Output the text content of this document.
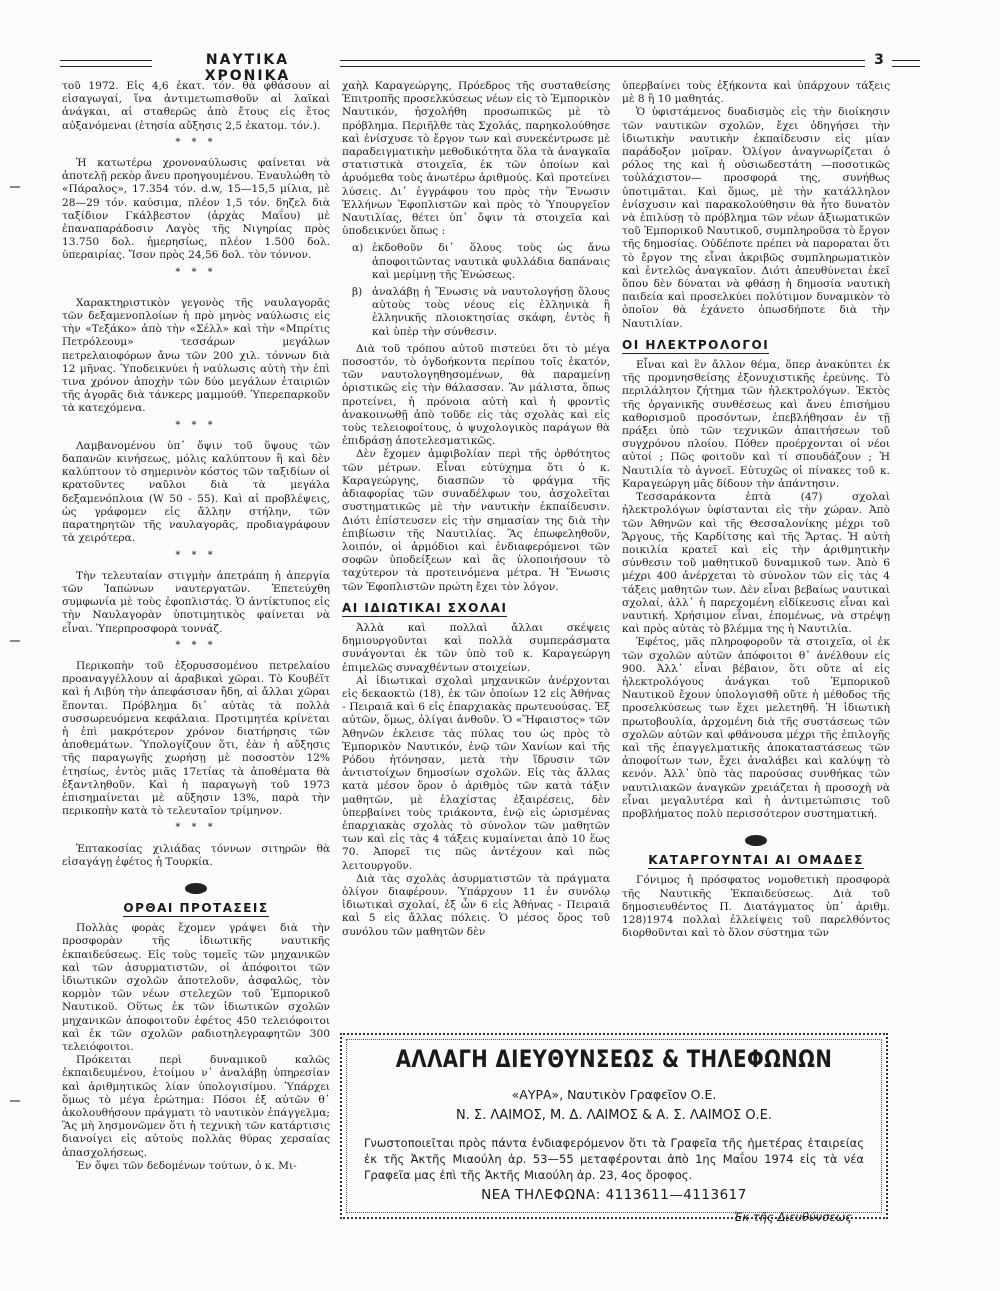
ΝΑΥΤΙΚΑ ΧΡΟΝΙΚΑ
3

τοῦ 1972. Εἰς 4,6 ἑκατ. τόν. θὰ φθάσουν αἱ εἰσαγωγαί, ἵνα ἀντιμετωπισθοῦν αἱ λαϊκαὶ ἀνάγκαι, αἱ σταθερῶς ἀπὸ ἔτους εἰς ἔτος αὐξανόμεναι (ἐτησία αὔξησις 2,5 ἑκατομ. τόν.).

* * *

Ἡ κατωτέρω χρονοναύλωσις φαίνεται νὰ ἀποτελῇ ρεκὸρ ἄνευ προηγουμένου. Ἐναυλώθη τὸ «Πάραλος», 17.354 τόν. d.w, 15—15,5 μίλια, μὲ 28—29 τόν. καύσιμα, πλέον 1,5 τόν. δηζελ διὰ ταξίδιον Γκάλβεστον (ἀρχὰς Μαΐου) μὲ ἐπαναπαράδοσιν Λαγὸς τῆς Νιγηρίας πρὸς 13.750 δολ. ἡμερησίως, πλέον 1.500 δολ. ὑπεραιρίας. Ἴσον πρὸς 24,56 δολ. τὸν τόννον.

* * *

Χαρακτηριστικὸν γεγονὸς τῆς ναυλαγορᾶς τῶν δεξαμενοπλοίων ἡ πρὸ μηνὸς ναύλωσις εἰς τὴν «Τεξάκο» ἀπὸ τὴν «Σέλλ» καὶ τὴν «Μπρίτις Πετρόλεουμ» τεσσάρων μεγάλων πετρελαιοφόρων ἄνω τῶν 200 χιλ. τόννων διὰ 12 μῆνας. Ὑποδεικνύει ἡ ναύλωσις αὐτὴ τὴν ἐπὶ τινα χρόνον ἀποχὴν τῶν δύο μεγάλων ἑταιριῶν τῆς ἀγορᾶς διὰ τάνκερς μαμμούθ. Ὑπερεπαρκοῦν τὰ κατεχόμενα.

* * *

Λαμβανομένου ὑπ᾽ ὄψιν τοῦ ὕψους τῶν δαπανῶν κινήσεως, μόλις καλύπτουν ἢ καὶ δὲν καλύπτουν τὸ σημερινὸν κόστος τῶν ταξιδίων οἱ κρατοῦντες ναῦλοι διὰ τὰ μεγάλα δεξαμενόπλοια (W 50 - 55). Καὶ αἱ προβλέψεις, ὡς γράφομεν εἰς ἄλλην στήλην, τῶν παρατηρητῶν τῆς ναυλαγορᾶς, προδιαγράφουν τὰ χειρότερα.

* * *

Τὴν τελευταίαν στιγμὴν ἀπετράπη ἡ ἀπεργία τῶν Ἰαπώνων ναυτεργατῶν. Ἐπετεύχθη συμφωνία μὲ τοὺς ἐφοπλιστάς. Ὁ ἀντίκτυπος εἰς τὴν Ναυλαγορὰν ὑποτιμητικὸς φαίνεται νὰ εἶναι. Ὑπερπροσφορὰ τοννάζ.

* * *

Περικοπὴν τοῦ ἐξορυσσομένου πετρελαίου προαναγγέλλουν αἱ ἀραβικαὶ χῶραι. Τὸ Κουβέϊτ καὶ ἡ Λιβύη τὴν ἀπεφάσισαν ἤδη, αἱ ἄλλαι χῶραι ἕπονται. Πρόβλημα δι᾽ αὐτὰς τὰ πολλὰ συσσωρευόμενα κεφάλαια. Προτιμητέα κρίνεται ἡ ἐπὶ μακρότερον χρόνον διατήρησις τῶν ἀποθεμάτων. Ὑπολογίζουν ὅτι, ἐὰν ἡ αὔξησις τῆς παραγωγῆς χωρήσῃ μὲ ποσοστὸν 12% ἐτησίως, ἐντὸς μιᾶς 17ετίας τὰ ἀποθέματα θὰ ἐξαντληθοῦν. Καὶ ἡ παραγωγὴ τοῦ 1973 ἐπισημαίνεται μὲ αὔξησιν 13%, παρὰ τὴν περικοπὴν κατὰ τὸ τελευταῖον τρίμηνον.

* * *

Ἑπτακοσίας χιλιάδας τόννων σιτηρῶν θὰ εἰσαγάγῃ ἐφέτος ἡ Τουρκία.

ΟΡΘΑΙ ΠΡΟΤΑΣΕΙΣ

Πολλὰς φορὰς ἔχομεν γράψει διὰ τὴν προσφορὰν τῆς ἰδιωτικῆς ναυτικῆς ἐκπαιδεύσεως. Εἰς τοὺς τομεῖς τῶν μηχανικῶν καὶ τῶν ἀσυρματιστῶν, οἱ ἀπόφοιτοι τῶν ἰδιωτικῶν σχολῶν ἀποτελοῦν, ἀσφαλῶς, τὸν κορμὸν τῶν νέων στελεχῶν τοῦ Ἐμπορικοῦ Ναυτικοῦ. Οὕτως ἐκ τῶν ἰδιωτικῶν σχολῶν μηχανικῶν ἀποφοιτοῦν ἐφέτος 450 τελειόφοιτοι καὶ ἐκ τῶν σχολῶν ραδιοτηλεγραφητῶν 300 τελειόφοιτοι.

Πρόκειται περὶ δυναμικοῦ καλῶς ἐκπαιδευμένου, ἑτοίμου ν᾽ ἀναλάβῃ ὑπηρεσίαν καὶ ἀριθμητικῶς λίαν ὑπολογισίμου. Ὑπάρχει ὅμως τὸ μέγα ἐρώτημα: Πόσοι ἐξ αὐτῶν θ᾽ ἀκολουθήσουν πράγματι τὸ ναυτικὸν ἐπάγγελμα; Ἂς μὴ λησμονῶμεν ὅτι ἡ τεχνικὴ τῶν κατάρτισις διανοίγει εἰς αὐτοὺς πολλὰς θύρας χερσαίας ἀπασχολήσεως.

Ἐν ὄψει τῶν δεδομένων τούτων, ὁ κ. Μι-

χαὴλ Καραγεώργης, Πρόεδρος τῆς συσταθείσης Ἐπιτροπῆς προσελκύσεως νέων εἰς τὸ Ἐμπορικὸν Ναυτικόν, ἠσχολήθη προσωπικῶς μὲ τὸ πρόβλημα. Περιῆλθε τὰς Σχολάς, παρηκολούθησε καὶ ἐνίσχυσε τὸ ἔργον των καὶ συνεκέντρωσε μὲ παραδειγματικὴν μεθοδικότητα ὅλα τὰ ἀναγκαῖα στατιστικὰ στοιχεῖα, ἐκ τῶν ὁποίων καὶ ἀρυόμεθα τοὺς ἀνωτέρω ἀριθμούς. Καὶ προτείνει λύσεις. Δι᾽ ἐγγράφου του πρὸς τὴν Ἕνωσιν Ἑλλήνων Ἐφοπλιστῶν καὶ πρὸς τὸ Ὑπουργεῖον Ναυτιλίας, θέτει ὑπ᾽ ὄψιν τὰ στοιχεῖα καὶ ὑποδεικνύει ὅπως :

α) ἐκδοθοῦν δι᾽ ὅλους τοὺς ὡς ἄνω ἀποφοιτῶντας ναυτικὰ φυλλάδια δαπάναις καὶ μερίμνῃ τῆς Ἑνώσεως.
β) ἀναλάβῃ ἡ Ἕνωσις νὰ ναυτολογήσῃ ὅλους αὐτοὺς τοὺς νέους εἰς ἑλληνικὰ ἢ ἑλληνικῆς πλοιοκτησίας σκάφη, ἐντὸς ἢ καὶ ὑπὲρ τὴν σύνθεσιν.

Διὰ τοῦ τρόπου αὐτοῦ πιστεύει ὅτι τὸ μέγα ποσοστόν, τὸ ὀγδοήκοντα περίπου τοῖς ἑκατόν, τῶν ναυτολογηθησομένων, θὰ παραμείνῃ ὁριστικῶς εἰς τὴν θάλασσαν. Ἂν μάλιστα, ὅπως προτείνει, ἡ πρόνοια αὐτὴ καὶ ἡ φροντὶς ἀνακοινωθῇ ἀπὸ τοῦδε εἰς τὰς σχολὰς καὶ εἰς τοὺς τελειοφοίτους, ὁ ψυχολογικὸς παράγων θὰ ἐπιδράσῃ ἀποτελεσματικῶς.

Δὲν ἔχομεν ἀμφιβολίαν περὶ τῆς ὀρθότητος τῶν μέτρων. Εἶναι εὐτύχημα ὅτι ὁ κ. Καραγεώργης, διασπῶν τὸ φράγμα τῆς ἀδιαφορίας τῶν συναδέλφων του, ἀσχολεῖται συστηματικῶς μὲ τὴν ναυτικὴν ἐκπαίδευσιν. Διότι ἐπίστευσεν εἰς τὴν σημασίαν της διὰ τὴν ἐπιβίωσιν τῆς Ναυτιλίας. Ἂς ἐπωφεληθοῦν, λοιπόν, οἱ ἁρμόδιοι καὶ ἐνδιαφερόμενοι τῶν σοφῶν ὑποδείξεων καὶ ἂς ὑλοποιήσουν τὸ ταχύτερον τὰ προτεινόμενα μέτρα. Ἡ Ἕνωσις τῶν Ἐφοπλιστῶν πρώτη ἔχει τὸν λόγον.

ΑΙ ΙΔΙΩΤΙΚΑΙ ΣΧΟΛΑΙ

Ἀλλὰ καὶ πολλαὶ ἄλλαι σκέψεις δημιουργοῦνται καὶ πολλὰ συμπεράσματα συνάγονται ἐκ τῶν ὑπὸ τοῦ κ. Καραγεώργη ἐπιμελῶς συναχθέντων στοιχείων.

Αἱ ἰδιωτικαὶ σχολαὶ μηχανικῶν ἀνέρχονται εἰς δεκαοκτὼ (18), ἐκ τῶν ὁποίων 12 εἰς Ἀθήνας - Πειραιᾶ καὶ 6 εἰς ἐπαρχιακὰς πρωτευούσας. Ἐξ αὐτῶν, ὅμως, ὀλίγαι ἀνθοῦν. Ὁ «Ἥφαιστος» τῶν Ἀθηνῶν ἐκλεισε τὰς πύλας του ὡς πρὸς τὸ Ἐμπορικὸν Ναυτικόν, ἐνῷ τῶν Χανίων καὶ τῆς Ρόδου ἠτόνησαν, μετὰ τὴν ἵδρυσιν τῶν ἀντιστοίχων δημοσίων σχολῶν. Εἰς τὰς ἄλλας κατὰ μέσον ὅρον ὁ ἀριθμὸς τῶν κατὰ τάξιν μαθητῶν, μὲ ἐλαχίστας ἐξαιρέσεις, δὲν ὑπερβαίνει τοὺς τριάκοντα, ἐνῷ εἰς ὡρισμένας ἐπαρχιακὰς σχολὰς τὸ σύνολον τῶν μαθητῶν των καὶ εἰς τὰς 4 τάξεις κυμαίνεται ἀπὸ 10 ἕως 70. Ἀπορεῖ τις πῶς ἀντέχουν καὶ πῶς λειτουργοῦν.

Διὰ τὰς σχολὰς ἀσυρματιστῶν τὰ πράγματα ὀλίγον διαφέρουν. Ὑπάρχουν 11 ἐν συνόλῳ ἰδιωτικαὶ σχολαί, ἐξ ὧν 6 εἰς Ἀθήνας - Πειραιᾶ καὶ 5 εἰς ἄλλας πόλεις. Ὁ μέσος ὅρος τοῦ συνόλου τῶν μαθητῶν δὲν

ὑπερβαίνει τοὺς ἑξήκοντα καὶ ὑπάρχουν τάξεις μὲ 8 ἢ 10 μαθητάς.

Ὁ ὑφιστάμενος δυαδισμὸς εἰς τὴν διοίκησιν τῶν ναυτικῶν σχολῶν, ἔχει ὁδηγήσει τὴν ἰδιωτικὴν ναυτικὴν ἐκπαίδευσιν εἰς μίαν παράδοξον μοῖραν. Ὀλίγον ἀναγνωρίζεται ὁ ρόλος της καὶ ἡ οὐσιωδεστάτη —ποσοτικῶς τοὐλάχιστον— προσφορά της, συνήθως ὑποτιμᾶται. Καὶ ὅμως, μὲ τὴν κατάλληλον ἐνίσχυσιν καὶ παρακολούθησιν θὰ ἦτο δυνατὸν νὰ ἐπιλύσῃ τὸ πρόβλημα τῶν νέων ἀξιωματικῶν τοῦ Ἐμπορικοῦ Ναυτικοῦ, συμπληροῦσα τὸ ἔργον τῆς δημοσίας. Οὐδέποτε πρέπει νὰ παροραται ὅτι τὸ ἔργον της εἶναι ἀκριβῶς συμπληρωματικὸν καὶ ἐντελῶς ἀναγκαῖον. Διότι ἀπευθύνεται ἐκεῖ ὅπου δὲν δύναται νὰ φθάσῃ ἡ δημοσία ναυτικὴ παιδεία καὶ προσελκύει πολύτιμον δυναμικὸν τὸ ὁποῖον θὰ ἐχάνετο ὁπωσδήποτε διὰ τὴν Ναυτιλίαν.

ΟΙ ΗΛΕΚΤΡΟΛΟΓΟΙ

Εἶναι καὶ ἓν ἄλλον θέμα, ὅπερ ἀνακύπτει ἐκ τῆς προμνησθείσης ἐξονυχιστικῆς ἐρεύνης. Τὸ περιλάλητον ζήτημα τῶν ἠλεκτρολόγων. Ἐκτὸς τῆς ὀργανικῆς συνθέσεως καὶ ἄνευ ἐπισήμου καθορισμοῦ προσόντων, ἐπεβλήθησαν ἐν τῇ πράξει ὑπὸ τῶν τεχνικῶν ἀπαιτήσεων τοῦ συγχρόνου πλοίου. Πόθεν προέρχονται οἱ νέοι αὐτοί ; Πῶς φοιτοῦν καὶ τί σπουδάζουν ; Ἡ Ναυτιλία τὸ ἀγνοεῖ. Εὐτυχῶς οἱ πίνακες τοῦ κ. Καραγεώργη μᾶς δίδουν τὴν ἀπάντησιν.

Τεσσαράκοντα ἑπτὰ (47) σχολαὶ ἠλεκτρολόγων ὑφίστανται εἰς τὴν χώραν. Ἀπὸ τῶν Ἀθηνῶν καὶ τῆς Θεσσαλονίκης μέχρι τοῦ Ἄργους, τῆς Καρδίτσης καὶ τῆς Ἄρτας. Ἡ αὐτὴ ποικιλία κρατεῖ καὶ εἰς τὴν ἀριθμητικὴν σύνθεσιν τοῦ μαθητικοῦ δυναμικοῦ των. Ἀπὸ 6 μέχρι 400 ἀνέρχεται τὸ σύνολον τῶν εἰς τὰς 4 τάξεις μαθητῶν των. Δὲν εἶναι βεβαίως ναυτικαὶ σχολαί, ἀλλ᾽ ἡ παρεχομένη εἰδίκευσις εἶναι καὶ ναυτική. Χρήσιμον εἶναι, ἑπομένως, νὰ στρέψῃ καὶ πρὸς αὐτὰς τὸ βλέμμα της ἡ Ναυτιλία.

Ἐφέτος, μᾶς πληροφοροῦν τὰ στοιχεῖα, οἱ ἐκ τῶν σχολῶν αὐτῶν ἀπόφοιτοι θ᾽ ἀνέλθουν εἰς 900. Ἀλλ᾽ εἶναι βέβαιον, ὅτι οὔτε αἱ εἰς ἠλεκτρολόγους ἀνάγκαι τοῦ Ἐμπορικοῦ Ναυτικοῦ ἔχουν ὑπολογισθῆ οὔτε ἡ μέθοδος τῆς προσελκύσεως των ἔχει μελετηθῆ. Ἡ ἰδιωτικὴ πρωτοβουλία, ἀρχομένη διὰ τῆς συστάσεως τῶν σχολῶν αὐτῶν καὶ φθάνουσα μέχρι τῆς ἐπιλογῆς καὶ τῆς ἐπαγγελματικῆς ἀποκαταστάσεως τῶν ἀποφοίτων των, ἔχει ἀναλάβει καὶ καλύψῃ τὸ κενόν. Ἀλλ᾽ ὑπὸ τὰς παρούσας συνθήκας τῶν ναυτιλιακῶν ἀναγκῶν χρειάζεται ἡ προσοχὴ νὰ εἶναι μεγαλυτέρα καὶ ἡ ἀντιμετώπισις τοῦ προβλήματος πολὺ περισσότερον συστηματική.

ΚΑΤΑΡΓΟΥΝΤΑΙ ΑΙ ΟΜΑΔΕΣ

Γόνιμος ἡ πρόσφατος νομοθετικὴ προσφορὰ τῆς Ναυτικῆς Ἐκπαιδεύσεως. Διὰ τοῦ δημοσιευθέντος Π. Διατάγματος ὑπ᾽ ἀριθμ. 128)1974 πολλαὶ ἐλλείψεις τοῦ παρελθόντος διορθοῦνται καὶ τὸ ὅλον σύστημα τῶν

ΑΛΛΑΓΗ ΔΙΕΥΘΥΝΣΕΩΣ & ΤΗΛΕΦΩΝΩΝ
«ΑΥΡΑ», Ναυτικὸν Γραφεῖον Ο.Ε.
Ν. Σ. ΛΑΙΜΟΣ, Μ. Δ. ΛΑΙΜΟΣ & Α. Σ. ΛΑΙΜΟΣ Ο.Ε.
Γνωστοποιεῖται πρὸς πάντα ἐνδιαφερόμενον ὅτι τὰ Γραφεῖα τῆς ἡμετέρας ἑταιρείας ἐκ τῆς Ἀκτῆς Μιαούλη ἀρ. 53—55 μεταφέρονται ἀπὸ 1ης Μαΐου 1974 εἰς τὰ νέα Γραφεῖα μας ἐπὶ τῆς Ἀκτῆς Μιαούλη ἀρ. 23, 4ος ὄροφος.
ΝΕΑ ΤΗΛΕΦΩΝΑ: 4113611—4113617
Ἐκ τῆς Διευθύνσεως
